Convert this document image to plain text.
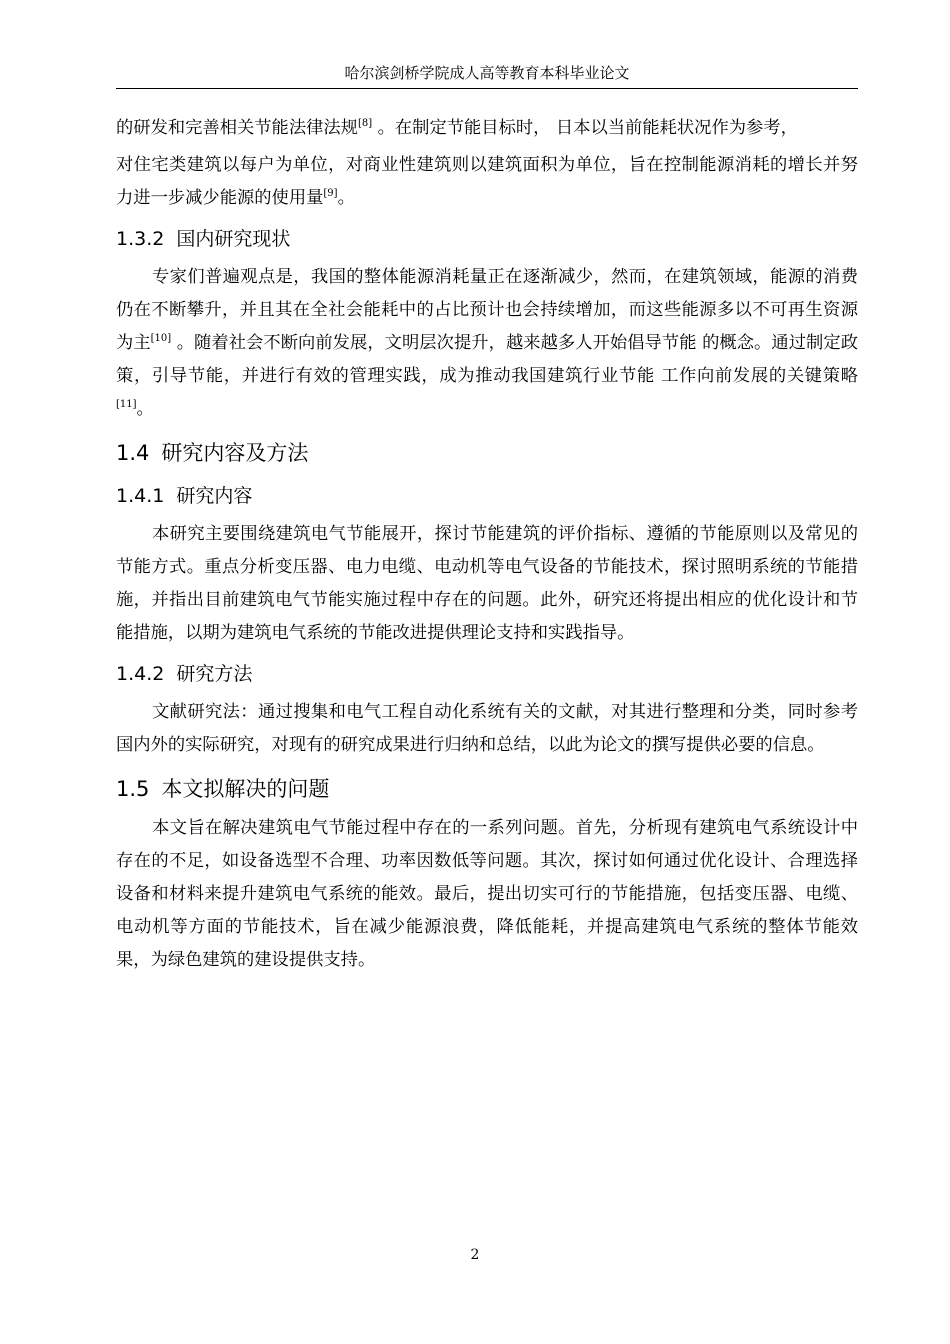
哈尔滨剑桥学院成人高等教育本科毕业论文

的研发和完善相关节能法律法规[8] 。在制定节能目标时， 日本以当前能耗状况作为参考，

对住宅类建筑以每户为单位，对商业性建筑则以建筑面积为单位，旨在控制能源消耗的增长并努力进一步减少能源的使用量[9]。

1.3.2 国内研究现状

专家们普遍观点是，我国的整体能源消耗量正在逐渐减少，然而，在建筑领域，能源的消费仍在不断攀升，并且其在全社会能耗中的占比预计也会持续增加，而这些能源多以不可再生资源为主[10] 。随着社会不断向前发展，文明层次提升，越来越多人开始倡导节能 的概念。通过制定政策，引导节能，并进行有效的管理实践，成为推动我国建筑行业节能 工作向前发展的关键策略[11]。

1.4 研究内容及方法
1.4.1 研究内容

本研究主要围绕建筑电气节能展开，探讨节能建筑的评价指标、遵循的节能原则以及常见的节能方式。重点分析变压器、电力电缆、电动机等电气设备的节能技术，探讨照明系统的节能措施，并指出目前建筑电气节能实施过程中存在的问题。此外，研究还将提出相应的优化设计和节能措施，以期为建筑电气系统的节能改进提供理论支持和实践指导。

1.4.2 研究方法

文献研究法：通过搜集和电气工程自动化系统有关的文献，对其进行整理和分类，同时参考国内外的实际研究，对现有的研究成果进行归纳和总结，以此为论文的撰写提供必要的信息。

1.5 本文拟解决的问题

本文旨在解决建筑电气节能过程中存在的一系列问题。首先，分析现有建筑电气系统设计中存在的不足，如设备选型不合理、功率因数低等问题。其次，探讨如何通过优化设计、合理选择设备和材料来提升建筑电气系统的能效。最后，提出切实可行的节能措施，包括变压器、电缆、电动机等方面的节能技术，旨在减少能源浪费，降低能耗，并提高建筑电气系统的整体节能效果，为绿色建筑的建设提供支持。

2
